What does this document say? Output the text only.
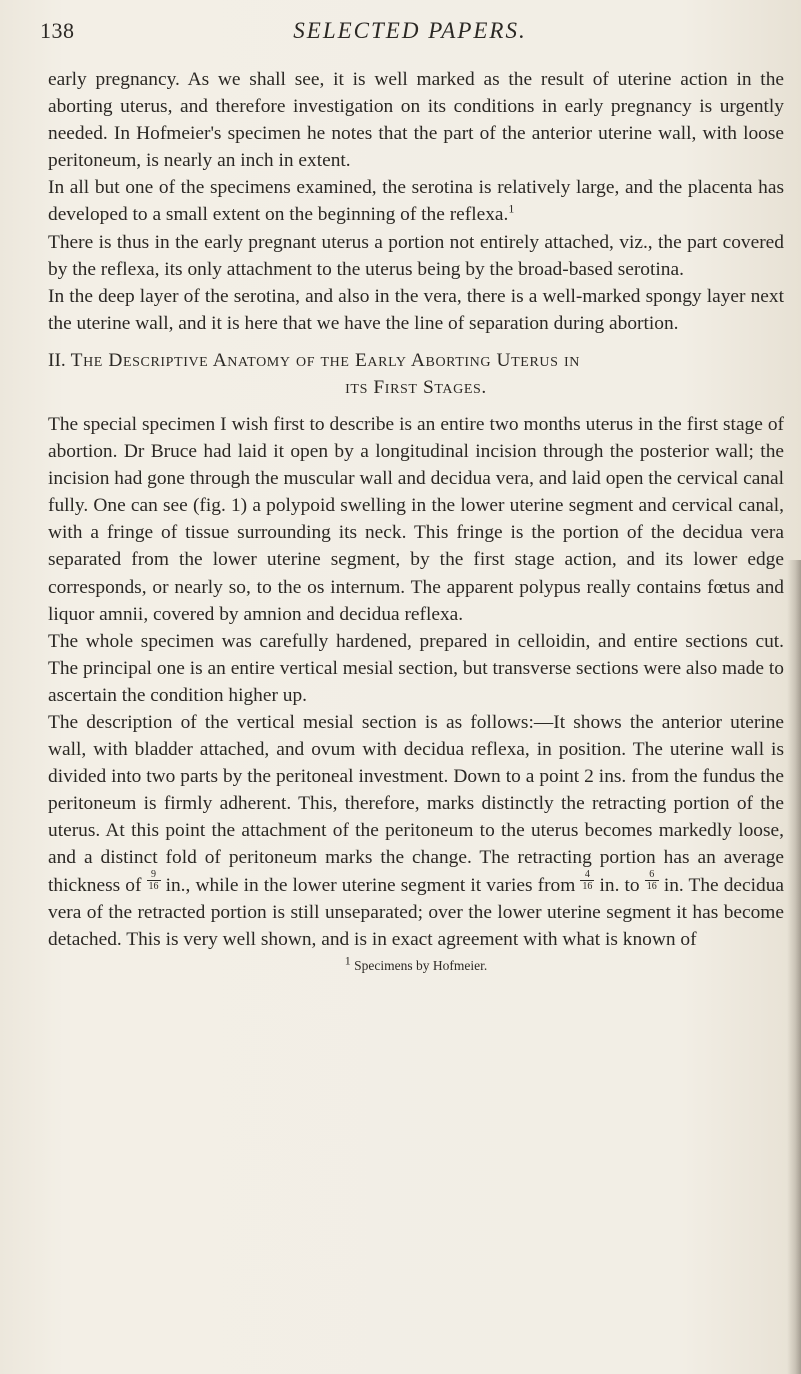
138	SELECTED PAPERS.

early pregnancy. As we shall see, it is well marked as the result of uterine action in the aborting uterus, and therefore investigation on its conditions in early pregnancy is urgently needed. In Hofmeier's specimen he notes that the part of the anterior uterine wall, with loose peritoneum, is nearly an inch in extent.

In all but one of the specimens examined, the serotina is relatively large, and the placenta has developed to a small extent on the beginning of the reflexa.$^1$

There is thus in the early pregnant uterus a portion not entirely attached, viz., the part covered by the reflexa, its only attachment to the uterus being by the broad-based serotina.

In the deep layer of the serotina, and also in the vera, there is a well-marked spongy layer next the uterine wall, and it is here that we have the line of separation during abortion.

II. The Descriptive Anatomy of the Early Aborting Uterus in
its First Stages.

The special specimen I wish first to describe is an entire two months uterus in the first stage of abortion. Dr Bruce had laid it open by a longitudinal incision through the posterior wall; the incision had gone through the muscular wall and decidua vera, and laid open the cervical canal fully. One can see (fig. 1) a polypoid swelling in the lower uterine segment and cervical canal, with a fringe of tissue surrounding its neck. This fringe is the portion of the decidua vera separated from the lower uterine segment, by the first stage action, and its lower edge corresponds, or nearly so, to the os internum. The apparent polypus really contains fœtus and liquor amnii, covered by amnion and decidua reflexa.

The whole specimen was carefully hardened, prepared in celloidin, and entire sections cut. The principal one is an entire vertical mesial section, but transverse sections were also made to ascertain the condition higher up.

The description of the vertical mesial section is as follows:—It shows the anterior uterine wall, with bladder attached, and ovum with decidua reflexa, in position. The uterine wall is divided into two parts by the peritoneal investment. Down to a point 2 ins. from the fundus the peritoneum is firmly adherent. This, therefore, marks distinctly the retracting portion of the uterus. At this point the attachment of the peritoneum to the uterus becomes markedly loose, and a distinct fold of peritoneum marks the change. The retracting portion has an average thickness of $\frac{9}{16}$ in., while in the lower uterine segment it varies from $\frac{4}{16}$ in. to $\frac{6}{16}$ in. The decidua vera of the retracted portion is still unseparated; over the lower uterine segment it has become detached. This is very well shown, and is in exact agreement with what is known of

$^1$ Specimens by Hofmeier.
